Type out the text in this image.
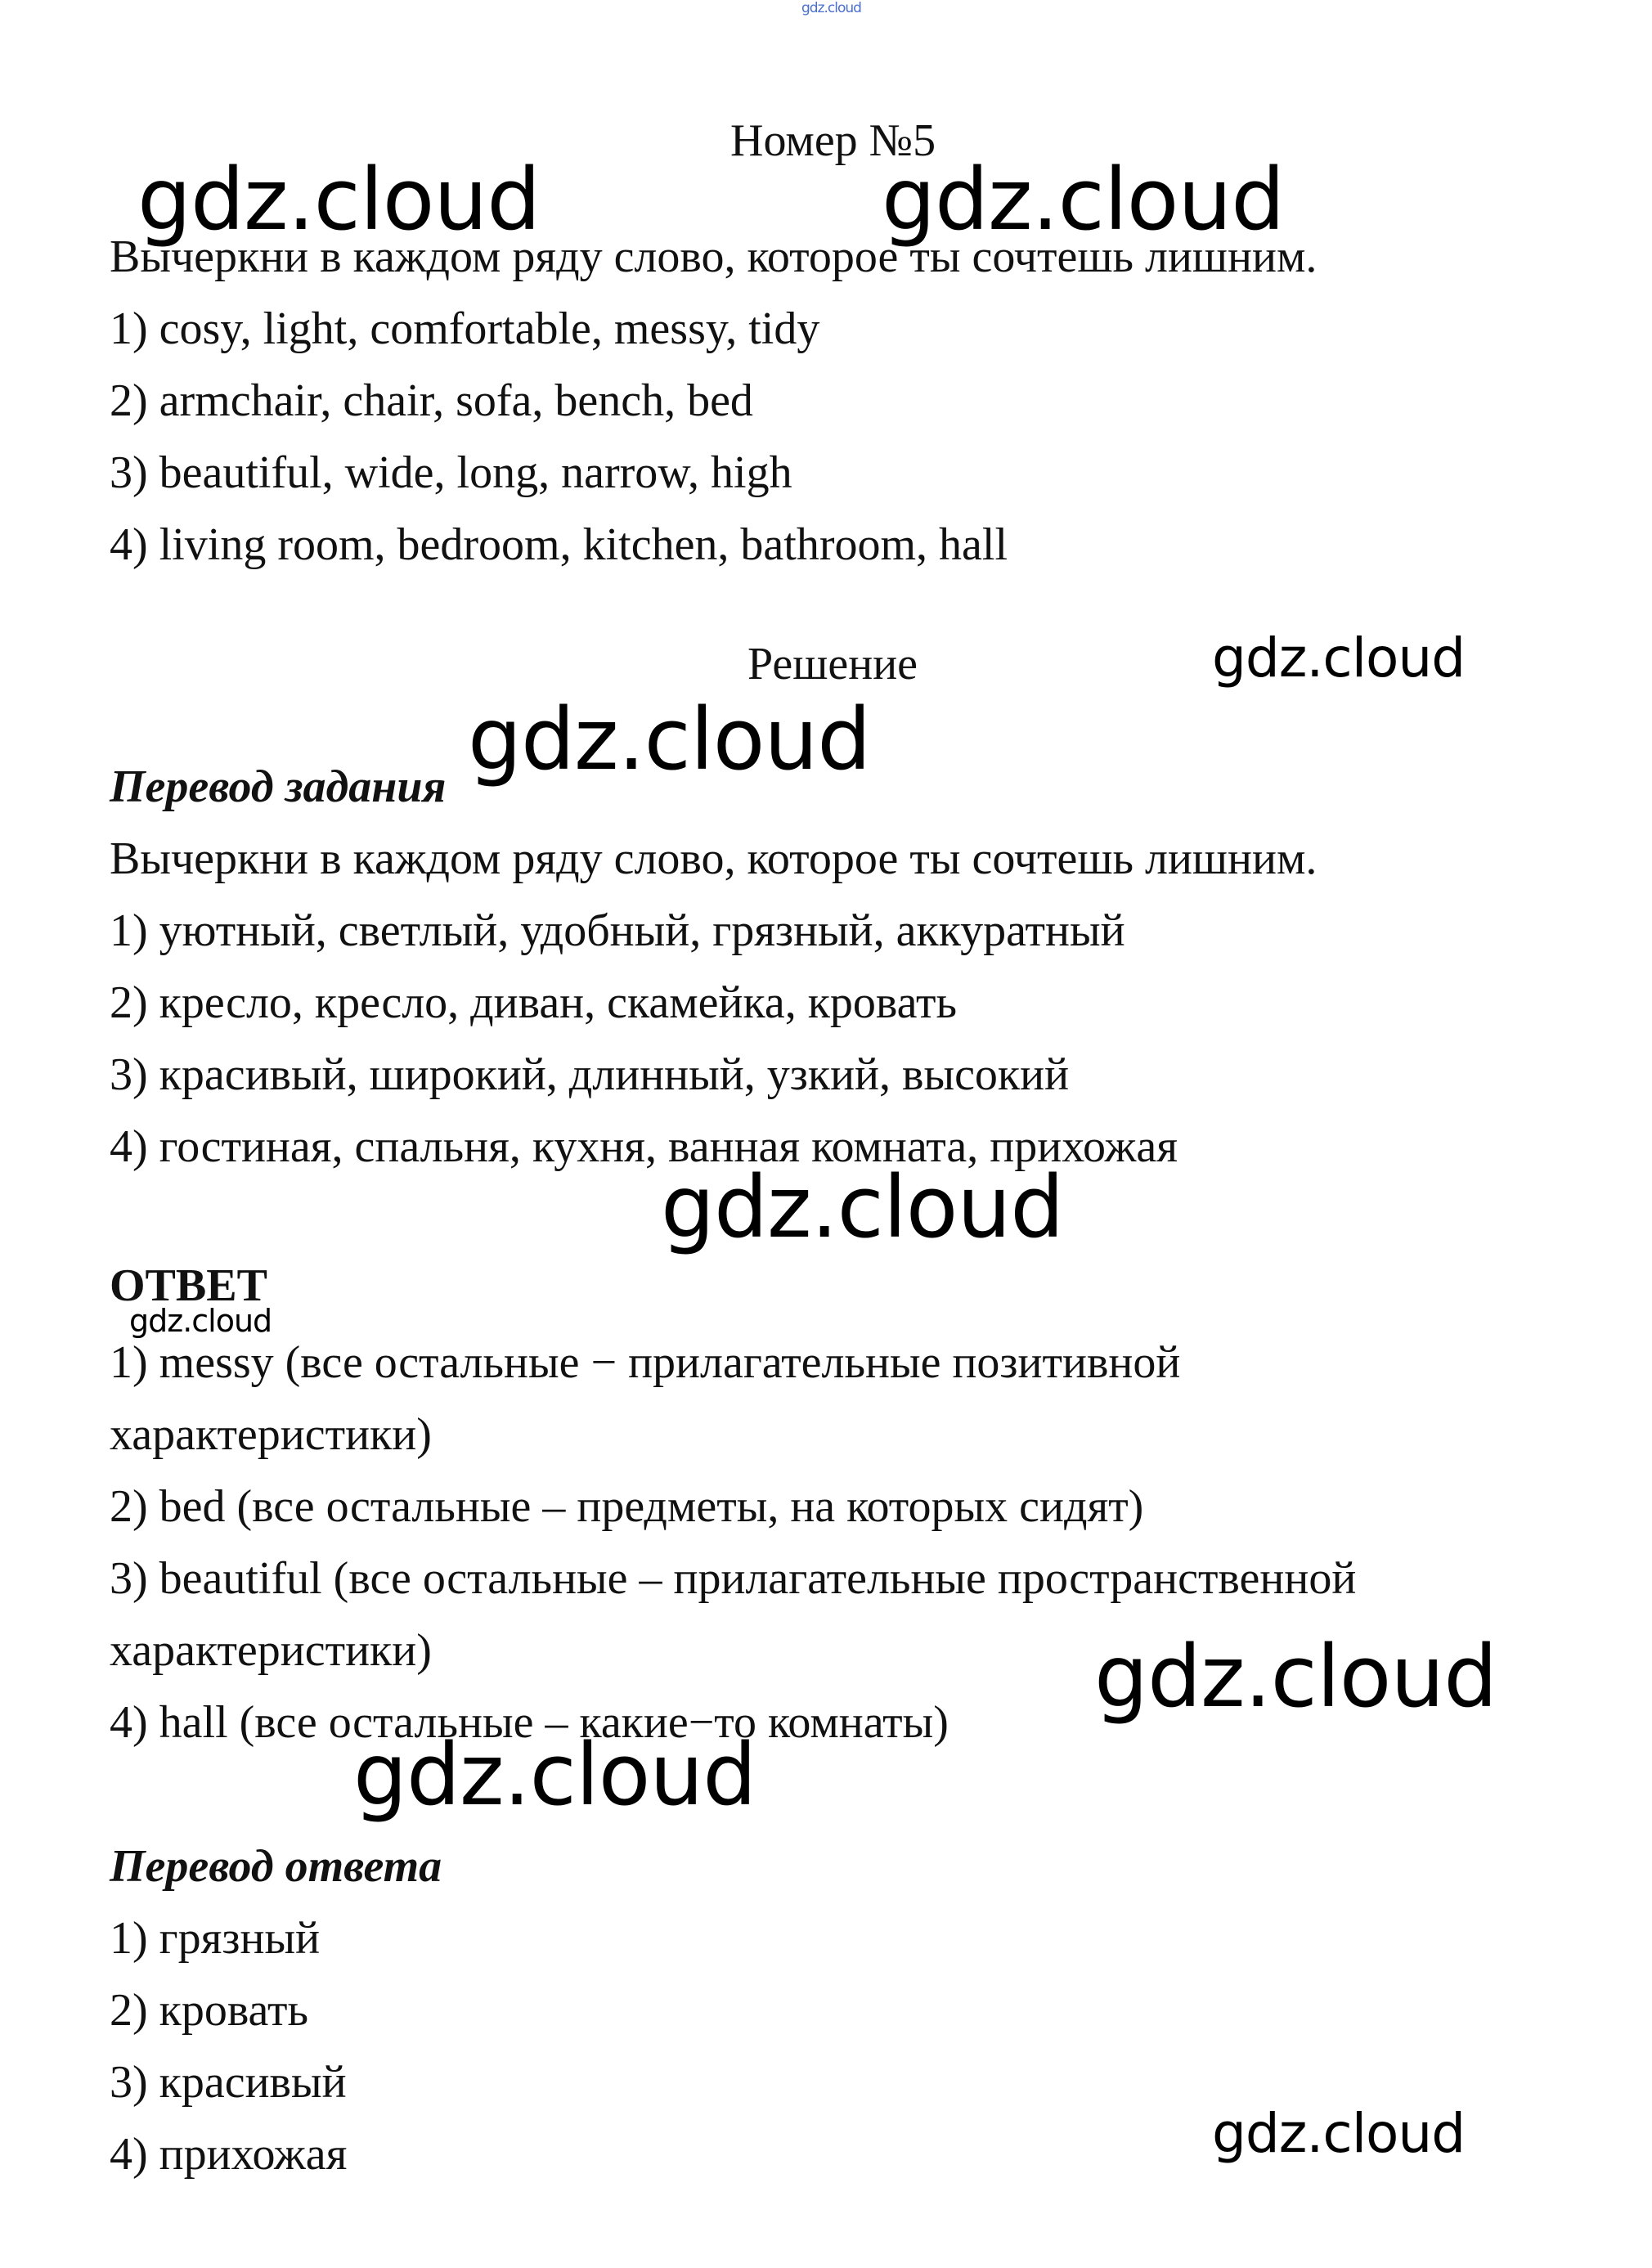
gdz.cloud
Номер №5
gdz.cloud	gdz.cloud
Вычеркни в каждом ряду слово, которое ты сочтешь лишним.
1) cosy, light, comfortable, messy, tidy
2) armchair, chair, sofa, bench, bed
3) beautiful, wide, long, narrow, high
4) living room, bedroom, kitchen, bathroom, hall
Решение	gdz.cloud
gdz.cloud
Перевод задания
Вычеркни в каждом ряду слово, которое ты сочтешь лишним.
1) уютный, светлый, удобный, грязный, аккуратный
2) кресло, кресло, диван, скамейка, кровать
3) красивый, широкий, длинный, узкий, высокий
4) гостиная, спальня, кухня, ванная комната, прихожая
gdz.cloud
ОТВЕТ
gdz.cloud
1) messy (все остальные − прилагательные позитивной
характеристики)
2) bed (все остальные – предметы, на которых сидят)
3) beautiful (все остальные – прилагательные пространственной
характеристики)	gdz.cloud
4) hall (все остальные – какие−то комнаты)
gdz.cloud
Перевод ответа
1) грязный
2) кровать
3) красивый
4) прихожая	gdz.cloud
